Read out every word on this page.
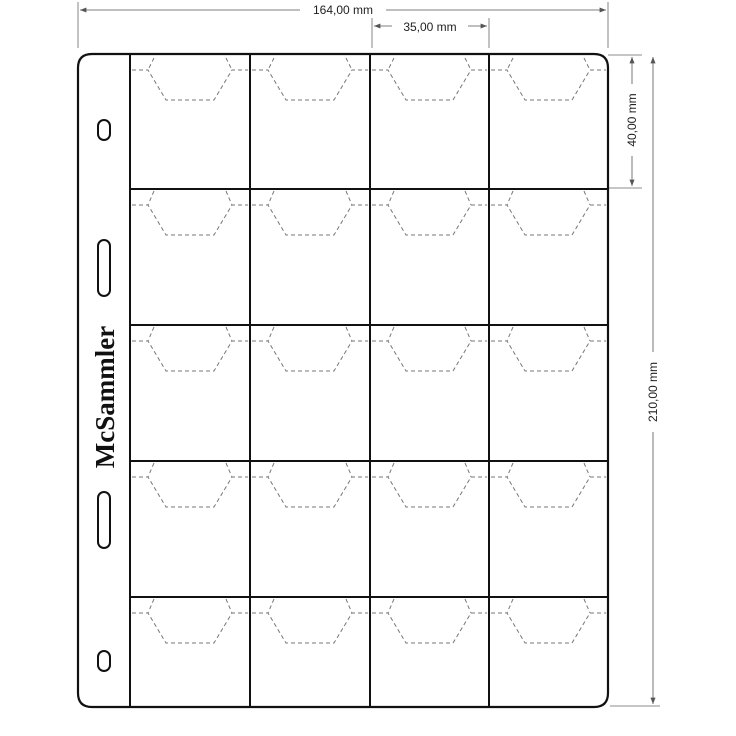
164,00 mm
35,00 mm
40,00 mm
210,00 mm
McSammler
